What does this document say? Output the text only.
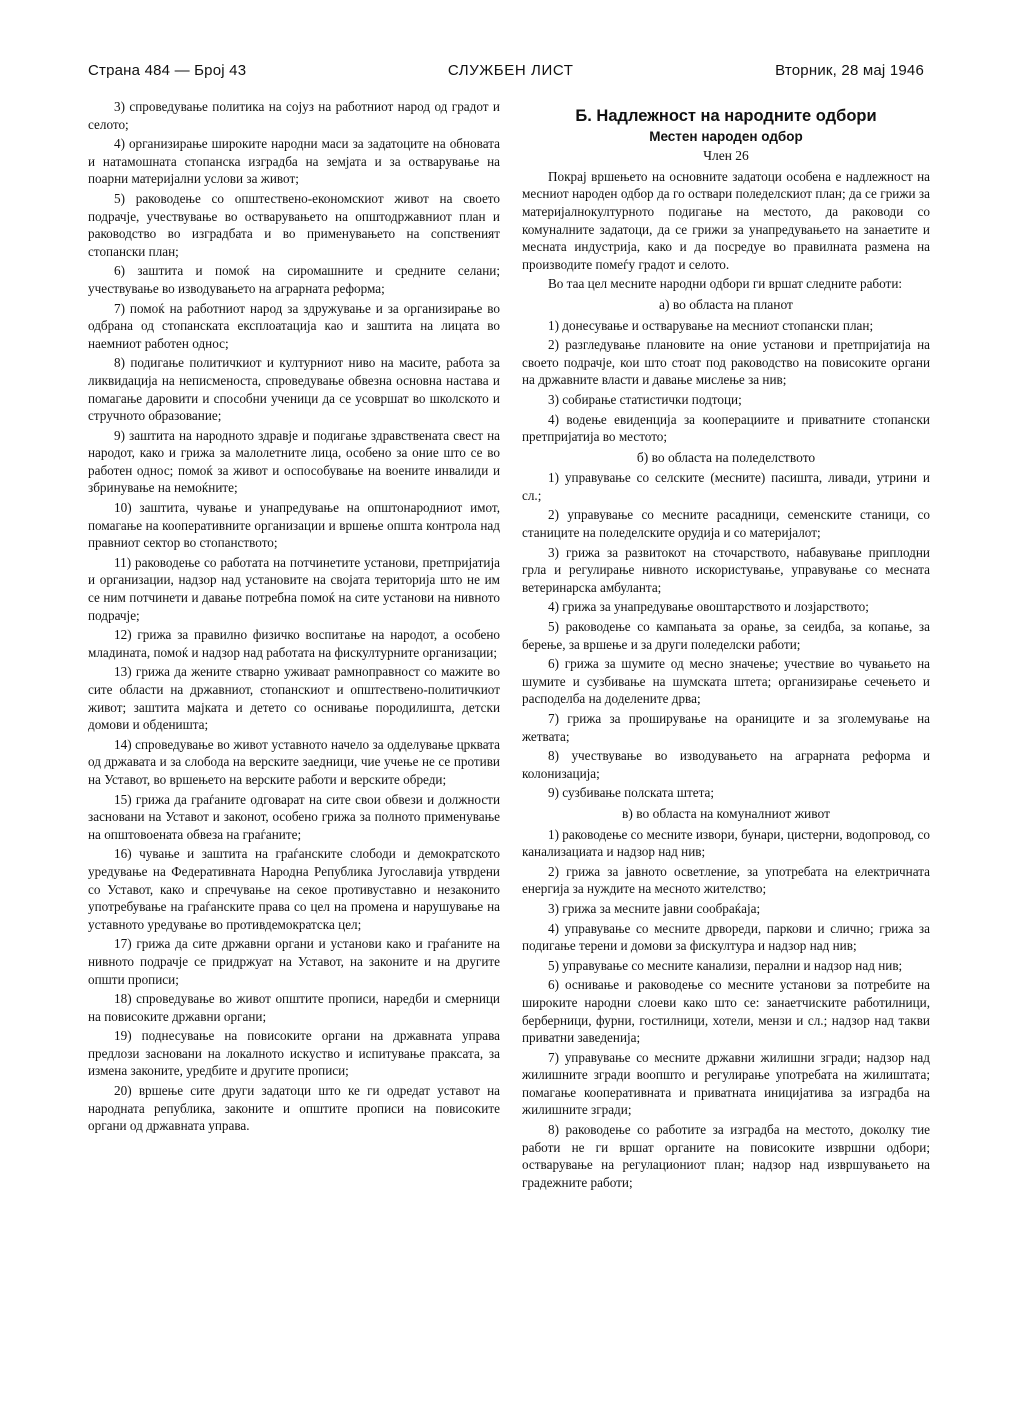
Страна 484 — Број 43	СЛУЖБЕН ЛИСТ	Вторник, 28 мај 1946

3) спроведување политика на сојуз на работниот народ од градот и селото;

4) организирање широките народни маси за задатоците на обновата и натамошната стопанска изградба на земјата и за остварување на поарни материјални услови за живот;

5) раководење со општествено-економскиот живот на своето подрачје, учествување во остварувањето на општодржавниот план и раководство во изградбата и во применувањето на сопственият стопански план;

6) заштита и помоќ на сиромашните и средните селани; учествување во изводувањето на аграрната реформа;

7) помоќ на работниот народ за здружување и за организирање во одбрана од стопанската експлоатација као и заштита на лицата во наемниот работен однос;

8) подигање политичкиот и културниот ниво на масите, работа за ликвидација на неписменоста, спроведување обвезна основна настава и помагање даровити и способни ученици да се усовршат во школското и стручното образование;

9) заштита на народното здравје и подигање здравствената свест на народот, како и грижа за малолетните лица, особено за оние што се во работен однос; помоќ за живот и оспособување на воените инвалиди и збринување на немоќните;

10) заштита, чување и унапредување на општонародниот имот, помагање на кооперативните организации и вршење општа контрола над правниот сектор во стопанството;

11) раководење со работата на потчинетите установи, претпријатија и организации, надзор над установите на својата територија што не им се ним потчинети и давање потребна помоќ на сите установи на нивното подрачје;

12) грижа за правилно физичко воспитање на народот, а особено младината, помоќ и надзор над работата на фискултурните организации;

13) грижа да жените стварно уживаат рамноправност со мажите во сите области на државниот, стопанскиот и општествено-политичкиот живот; заштита мајката и детето со оснивање породилишта, детски домови и обденишта;

14) спроведување во живот уставното начело за одделување црквата од државата и за слобода на верските заедници, чие учење не се противи на Уставот, во вршењето на верските работи и верските обреди;

15) грижа да граѓаните одговарат на сите свои обвези и должности засновани на Уставот и законот, особено грижа за полното применување на општовоената обвеза на граѓаните;

16) чување и заштита на граѓанските слободи и демократското уредување на Федеративната Народна Република Југославија утврдени со Уставот, како и спречување на секое противуставно и незаконито употребување на граѓанските права со цел на промена и нарушување на уставното уредување во противдемократска цел;

17) грижа да сите државни органи и установи како и граѓаните на нивното подрачје се придржуат на Уставот, на законите и на другите општи прописи;

18) спроведување во живот општите прописи, наредби и смерници на повисоките државни органи;

19) поднесување на повисоките органи на државната управа предлози засновани на локалното искуство и испитување праксата, за измена законите, уредбите и другите прописи;

20) вршење сите други задатоци што ке ги одредат уставот на народната република, законите и општите прописи на повисоките органи од државната управа.

Б. Надлежност на народните одбори
Местен народен одбор
Член 26

Покрај вршењето на основните задатоци особена е надлежност на месниот народен одбор да го оствари поледелскиот план; да се грижи за материјалнокултурното подигање на местото, да раководи со комуналните задатоци, да се грижи за унапредувањето на занаетите и месната индустрија, како и да посредуе во правилната размена на производите помеѓу градот и селото.

Во таа цел месните народни одбори ги вршат следните работи:

а) во областа на планот

1) донесување и остварување на месниот стопански план;

2) разгледување плановите на оние установи и претпријатија на своето подрачје, кои што стоат под раководство на повисоките органи на државните власти и давање мислење за нив;

3) собирање статистички подтоци;

4) водење евиденција за кооперациите и приватните стопански претпријатија во местото;

б) во областа на поледелството

1) управување со селските (месните) пасишта, ливади, утрини и сл.;

2) управување со месните расадници, семенските станици, со станиците на поледелските орудија и со материјалот;

3) грижа за развитокот на сточарството, набавување приплодни грла и регулирање нивното искористување, управување со месната ветеринарска амбуланта;

4) грижа за унапредување овоштарството и лозјарството;

5) раководење со кампањата за орање, за сеидба, за копање, за берење, за вршење и за други поледелски работи;

6) грижа за шумите од месно значење; учествие во чувањето на шумите и сузбивање на шумската штета; организирање сечењето и расподелба на доделените дрва;

7) грижа за проширување на ораниците и за зголемување на жетвата;

8) учествување во изводувањето на аграрната реформа и колонизација;

9) сузбивање полската штета;

в) во областа на комуналниот живот

1) раководење со месните извори, бунари, цистерни, водопровод, со канализациата и надзор над нив;

2) грижа за јавното осветление, за употребата на електричната енергија за нуждите на месното жителство;

3) грижа за месните јавни сообраќаја;

4) управување со месните дрвореди, паркови и слично; грижа за подигање терени и домови за фискултура и надзор над нив;

5) управување со месните канализи, перални и надзор над нив;

6) оснивање и раководење со месните установи за потребите на широките народни слоеви како што се: занаетчиските работилници, берберници, фурни, гостилници, хотели, мензи и сл.; надзор над такви приватни заведенија;

7) управување со месните државни жилишни згради; надзор над жилишните згради воопшто и регулирање употребата на жилиштата; помагање кооперативната и приватната иницијатива за изградба на жилишните згради;

8) раководење со работите за изградба на местото, доколку тие работи не ги вршат органите на повисоките извршни одбори; остварување на регулациониот план; надзор над извршувањето на градежните работи;
